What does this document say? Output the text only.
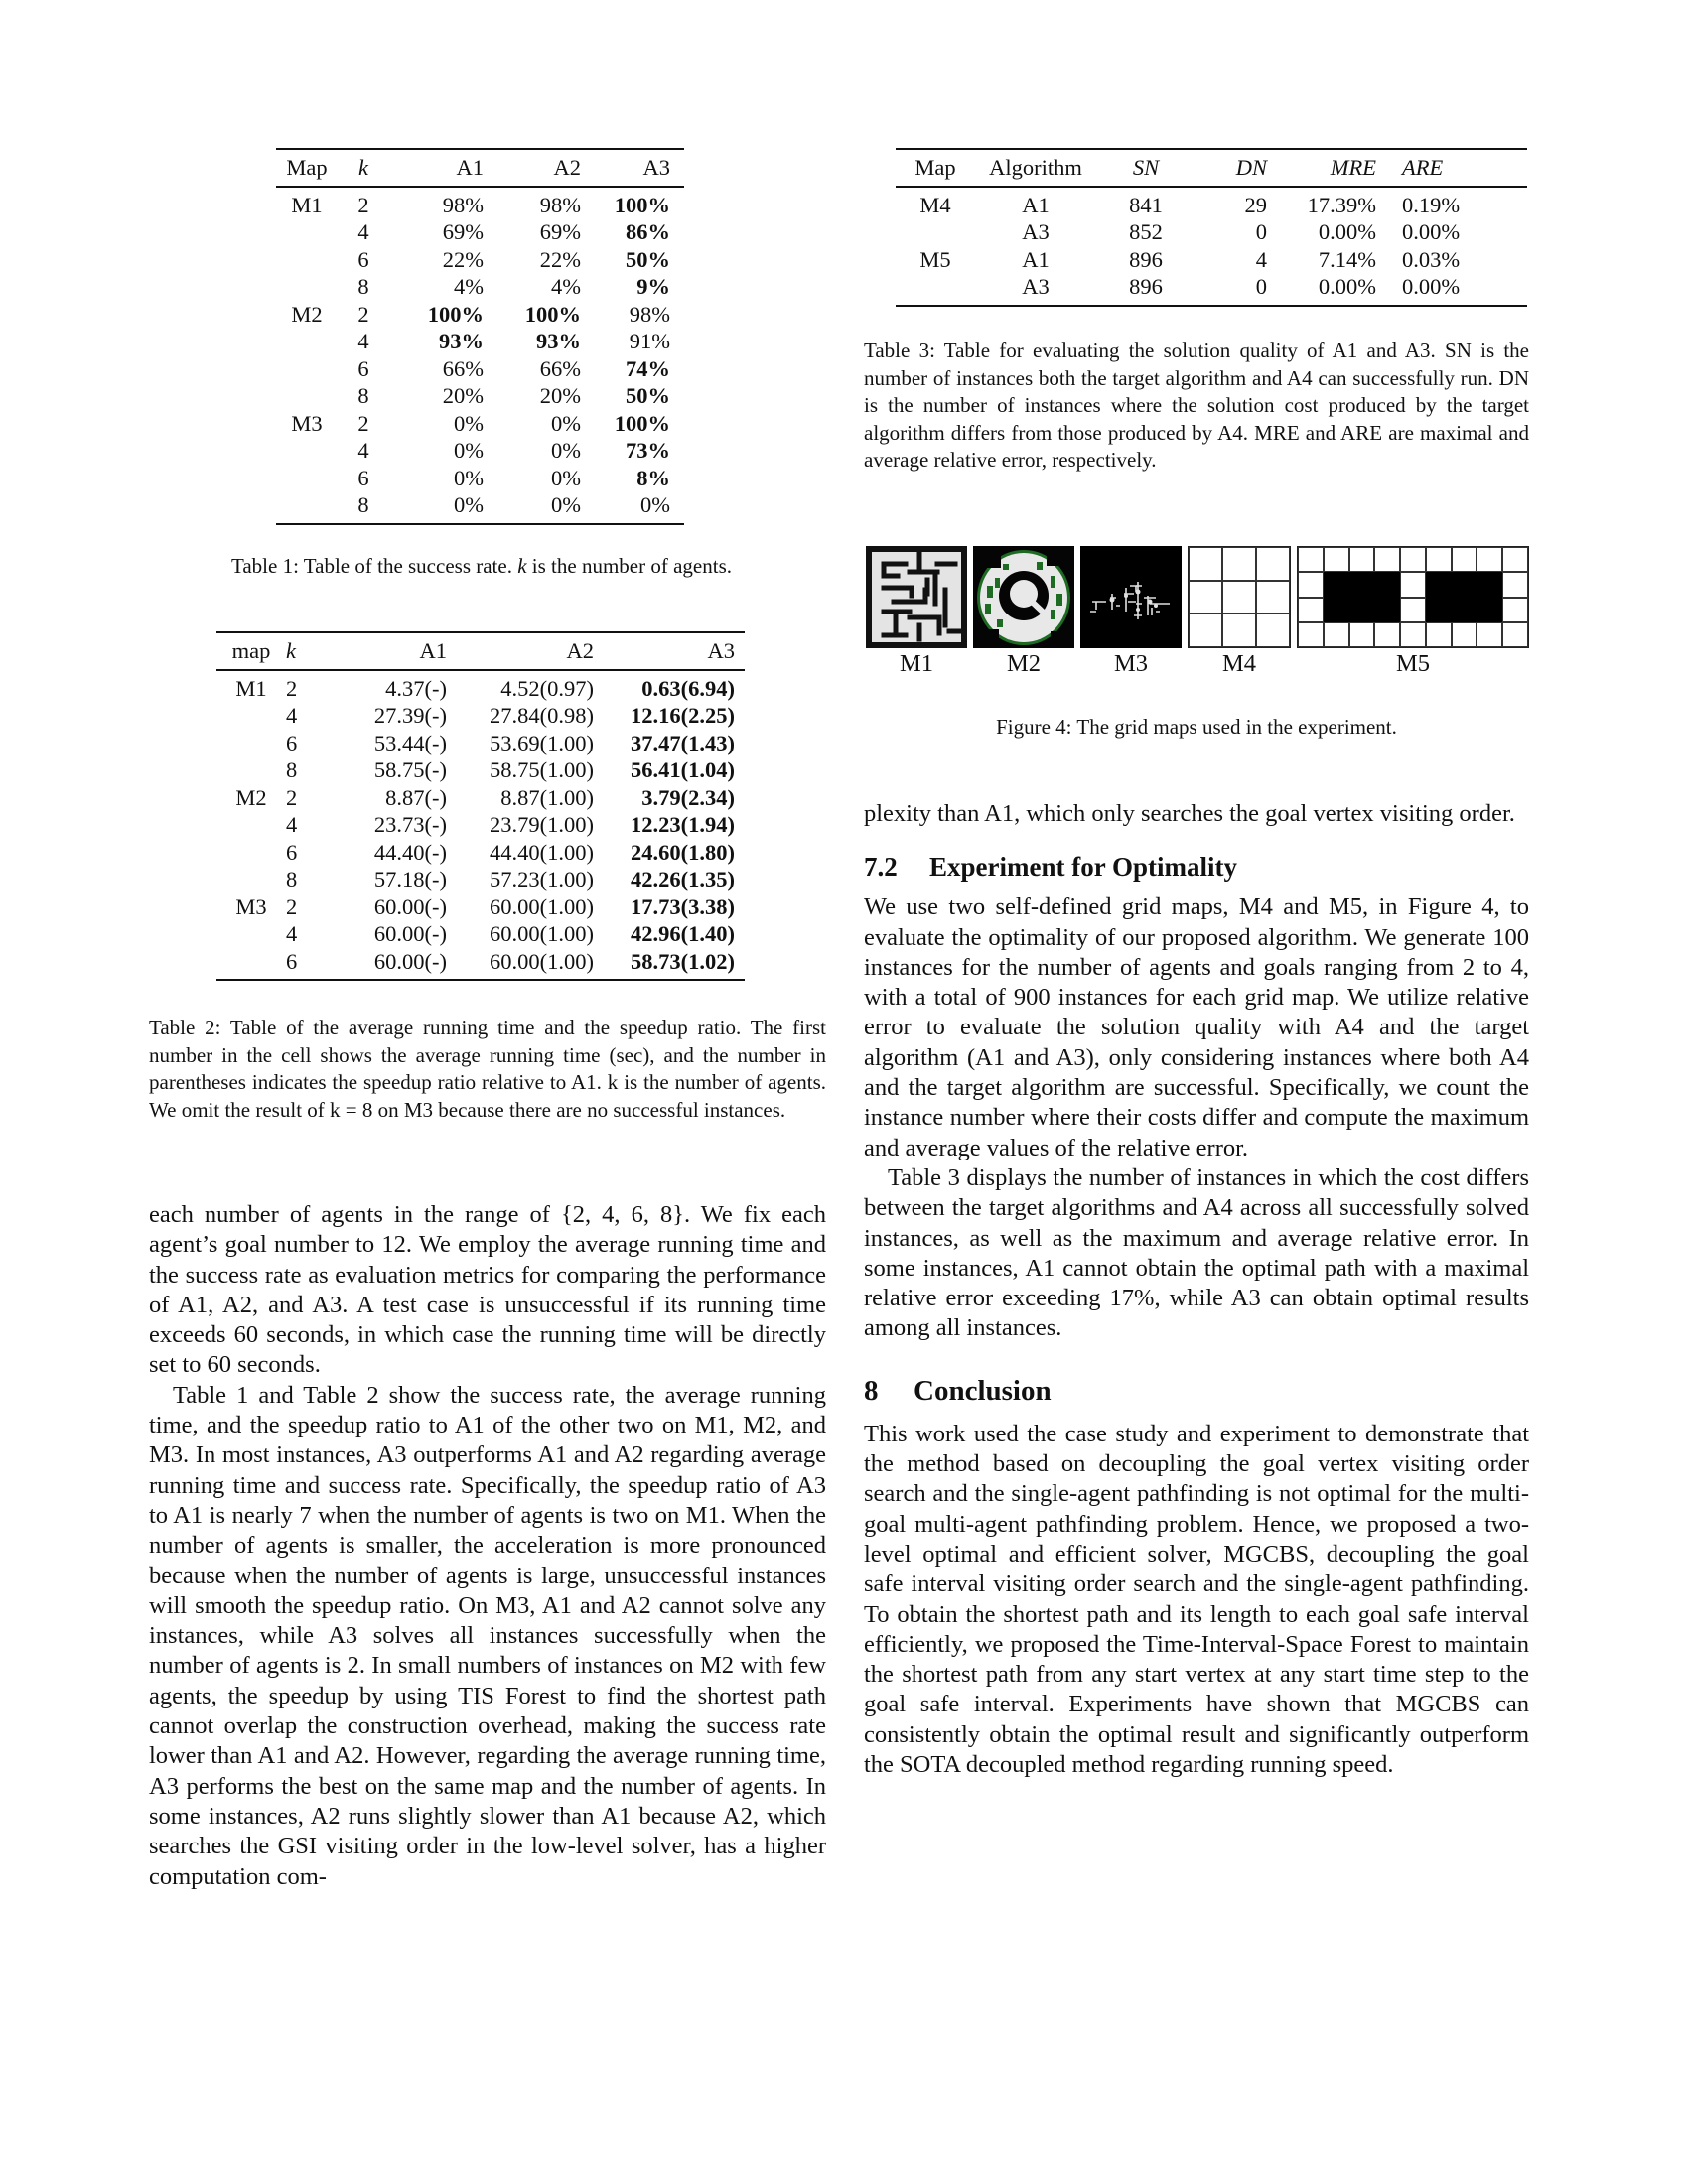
Map	k	A1	A2	A3
M1	2	98%	98%	100%
	4	69%	69%	86%
	6	22%	22%	50%
	8	4%	4%	9%
M2	2	100%	100%	98%
	4	93%	93%	91%
	6	66%	66%	74%
	8	20%	20%	50%
M3	2	0%	0%	100%
	4	0%	0%	73%
	6	0%	0%	8%
	8	0%	0%	0%
Table 1: Table of the success rate. k is the number of agents.
map	k	A1	A2	A3
M1	2	4.37(-)	4.52(0.97)	0.63(6.94)
	4	27.39(-)	27.84(0.98)	12.16(2.25)
	6	53.44(-)	53.69(1.00)	37.47(1.43)
	8	58.75(-)	58.75(1.00)	56.41(1.04)
M2	2	8.87(-)	8.87(1.00)	3.79(2.34)
	4	23.73(-)	23.79(1.00)	12.23(1.94)
	6	44.40(-)	44.40(1.00)	24.60(1.80)
	8	57.18(-)	57.23(1.00)	42.26(1.35)
M3	2	60.00(-)	60.00(1.00)	17.73(3.38)
	4	60.00(-)	60.00(1.00)	42.96(1.40)
	6	60.00(-)	60.00(1.00)	58.73(1.02)
Table 2: Table of the average running time and the speedup ratio. The first number in the cell shows the average running time (sec), and the number in parentheses indicates the speedup ratio relative to A1. k is the number of agents. We omit the result of k = 8 on M3 because there are no successful instances.

each number of agents in the range of {2, 4, 6, 8}. We fix each agent’s goal number to 12. We employ the average running time and the success rate as evaluation metrics for comparing the performance of A1, A2, and A3. A test case is unsuccessful if its running time exceeds 60 seconds, in which case the running time will be directly set to 60 seconds.

Table 1 and Table 2 show the success rate, the average running time, and the speedup ratio to A1 of the other two on M1, M2, and M3. In most instances, A3 outperforms A1 and A2 regarding average running time and success rate. Specifically, the speedup ratio of A3 to A1 is nearly 7 when the number of agents is two on M1. When the number of agents is smaller, the acceleration is more pronounced because when the number of agents is large, unsuccessful instances will smooth the speedup ratio. On M3, A1 and A2 cannot solve any instances, while A3 solves all instances successfully when the number of agents is 2. In small numbers of instances on M2 with few agents, the speedup by using TIS Forest to find the shortest path cannot overlap the construction overhead, making the success rate lower than A1 and A2. However, regarding the average running time, A3 performs the best on the same map and the number of agents. In some instances, A2 runs slightly slower than A1 because A2, which searches the GSI visiting order in the low-level solver, has a higher computation com-

Map	Algorithm	SN	DN	MRE	ARE
M4	A1	841	29	17.39%	0.19%
	A3	852	0	0.00%	0.00%
M5	A1	896	4	7.14%	0.03%
	A3	896	0	0.00%	0.00%
Table 3: Table for evaluating the solution quality of A1 and A3. SN is the number of instances both the target algorithm and A4 can successfully run. DN is the number of instances where the solution cost produced by the target algorithm differs from those produced by A4. MRE and ARE are maximal and average relative error, respectively.
M1	M2	M3	M4	M5
Figure 4: The grid maps used in the experiment.

plexity than A1, which only searches the goal vertex visiting order.

7.2 Experiment for Optimality

We use two self-defined grid maps, M4 and M5, in Figure 4, to evaluate the optimality of our proposed algorithm. We generate 100 instances for the number of agents and goals ranging from 2 to 4, with a total of 900 instances for each grid map. We utilize relative error to evaluate the solution quality with A4 and the target algorithm (A1 and A3), only considering instances where both A4 and the target algorithm are successful. Specifically, we count the instance number where their costs differ and compute the maximum and average values of the relative error.

Table 3 displays the number of instances in which the cost differs between the target algorithms and A4 across all successfully solved instances, as well as the maximum and average relative error. In some instances, A1 cannot obtain the optimal path with a maximal relative error exceeding 17%, while A3 can obtain optimal results among all instances.

8 Conclusion

This work used the case study and experiment to demonstrate that the method based on decoupling the goal vertex visiting order search and the single-agent pathfinding is not optimal for the multi-goal multi-agent pathfinding problem. Hence, we proposed a two-level optimal and efficient solver, MGCBS, decoupling the goal safe interval visiting order search and the single-agent pathfinding. To obtain the shortest path and its length to each goal safe interval efficiently, we proposed the Time-Interval-Space Forest to maintain the shortest path from any start vertex at any start time step to the goal safe interval. Experiments have shown that MGCBS can consistently obtain the optimal result and significantly outperform the SOTA decoupled method regarding running speed.
